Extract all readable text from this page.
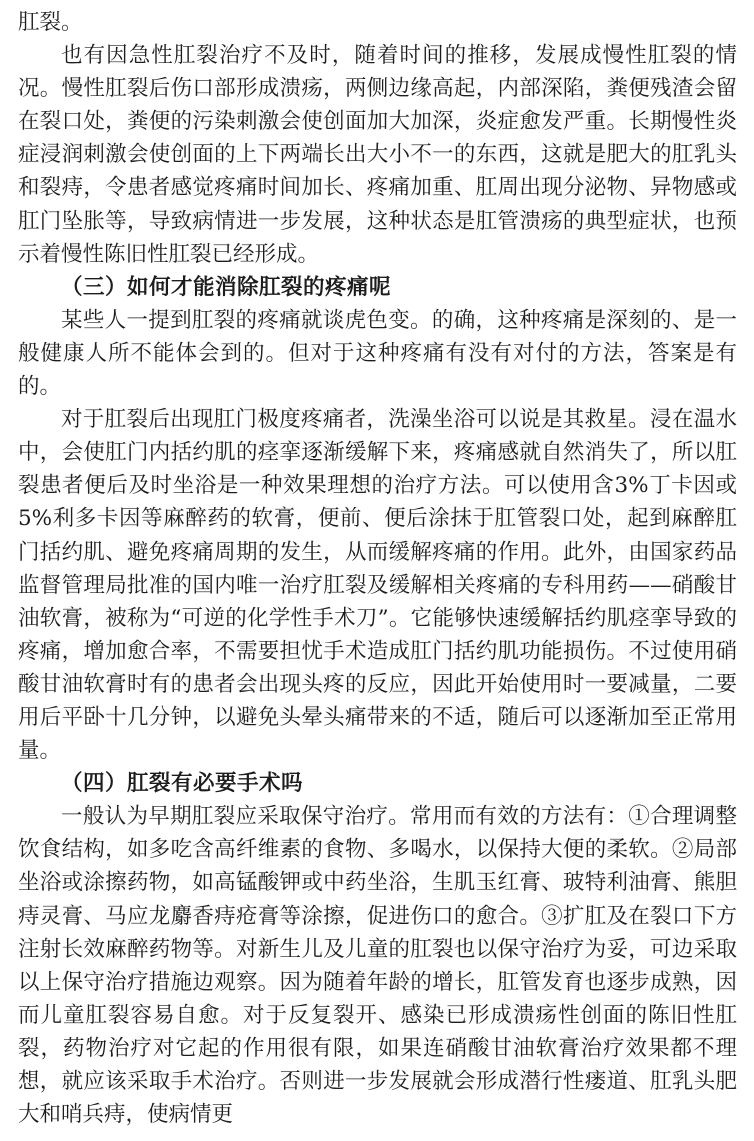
肛裂。

也有因急性肛裂治疗不及时，随着时间的推移，发展成慢性肛裂的情况。慢性肛裂后伤口部形成溃疡，两侧边缘高起，内部深陷，粪便残渣会留在裂口处，粪便的污染刺激会使创面加大加深，炎症愈发严重。长期慢性炎症浸润刺激会使创面的上下两端长出大小不一的东西，这就是肥大的肛乳头和裂痔，令患者感觉疼痛时间加长、疼痛加重、肛周出现分泌物、异物感或肛门坠胀等，导致病情进一步发展，这种状态是肛管溃疡的典型症状，也预示着慢性陈旧性肛裂已经形成。

（三）如何才能消除肛裂的疼痛呢

某些人一提到肛裂的疼痛就谈虎色变。的确，这种疼痛是深刻的、是一般健康人所不能体会到的。但对于这种疼痛有没有对付的方法，答案是有的。

对于肛裂后出现肛门极度疼痛者，洗澡坐浴可以说是其救星。浸在温水中，会使肛门内括约肌的痉挛逐渐缓解下来，疼痛感就自然消失了，所以肛裂患者便后及时坐浴是一种效果理想的治疗方法。可以使用含3%丁卡因或5%利多卡因等麻醉药的软膏，便前、便后涂抹于肛管裂口处，起到麻醉肛门括约肌、避免疼痛周期的发生，从而缓解疼痛的作用。此外，由国家药品监督管理局批准的国内唯一治疗肛裂及缓解相关疼痛的专科用药——硝酸甘油软膏，被称为“可逆的化学性手术刀”。它能够快速缓解括约肌痉挛导致的疼痛，增加愈合率，不需要担忧手术造成肛门括约肌功能损伤。不过使用硝酸甘油软膏时有的患者会出现头疼的反应，因此开始使用时一要减量，二要用后平卧十几分钟，以避免头晕头痛带来的不适，随后可以逐渐加至正常用量。

（四）肛裂有必要手术吗

一般认为早期肛裂应采取保守治疗。常用而有效的方法有：①合理调整饮食结构，如多吃含高纤维素的食物、多喝水，以保持大便的柔软。②局部坐浴或涂擦药物，如高锰酸钾或中药坐浴，生肌玉红膏、玻特利油膏、熊胆痔灵膏、马应龙麝香痔疮膏等涂擦，促进伤口的愈合。③扩肛及在裂口下方注射长效麻醉药物等。对新生儿及儿童的肛裂也以保守治疗为妥，可边采取以上保守治疗措施边观察。因为随着年龄的增长，肛管发育也逐步成熟，因而儿童肛裂容易自愈。对于反复裂开、感染已形成溃疡性创面的陈旧性肛裂，药物治疗对它起的作用很有限，如果连硝酸甘油软膏治疗效果都不理想，就应该采取手术治疗。否则进一步发展就会形成潜行性瘘道、肛乳头肥大和哨兵痔，使病情更
